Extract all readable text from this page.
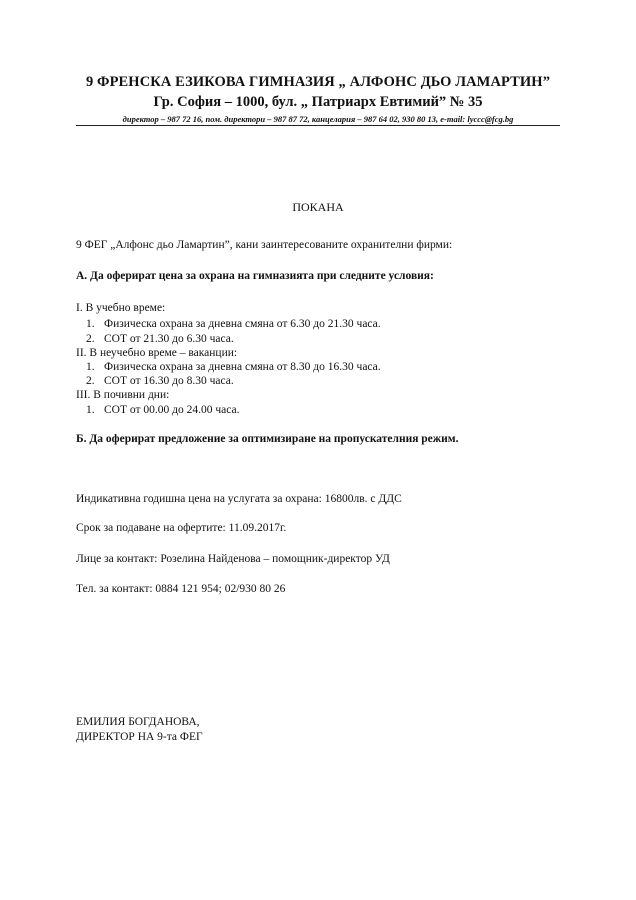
9 ФРЕНСКА ЕЗИКОВА ГИМНАЗИЯ „ АЛФОНС ДЬО ЛАМАРТИН”
Гр. София – 1000, бул. „ Патриарх Евтимий” № 35
директор – 987 72 16, пом. директори – 987 87 72, канцелария – 987 64 02, 930 80 13, e-mail: lyccc@fcg.bg
ПОКАНА
9 ФЕГ „Алфонс дьо Ламартин”, кани заинтересованите охранителни фирми:
А. Да оферират цена за охрана на гимназията при следните условия:
I. В учебно време:
1. Физическа охрана за дневна смяна от 6.30 до 21.30 часа.
2. СОТ от 21.30 до 6.30 часа.
II. В неучебно време – ваканции:
1. Физическа охрана за дневна смяна от 8.30 до 16.30 часа.
2. СОТ от 16.30 до 8.30 часа.
III. В почивни дни:
1. СОТ от 00.00 до 24.00 часа.
Б. Да оферират предложение за оптимизиране на пропускателния режим.
Индикативна годишна цена на услугата за охрана: 16800лв. с ДДС
Срок за подаване на офертите: 11.09.2017г.
Лице за контакт: Розелина Найденова – помощник-директор УД
Тел. за контакт: 0884 121 954; 02/930 80 26
ЕМИЛИЯ БОГДАНОВА,
ДИРЕКТОР НА 9-та ФЕГ
